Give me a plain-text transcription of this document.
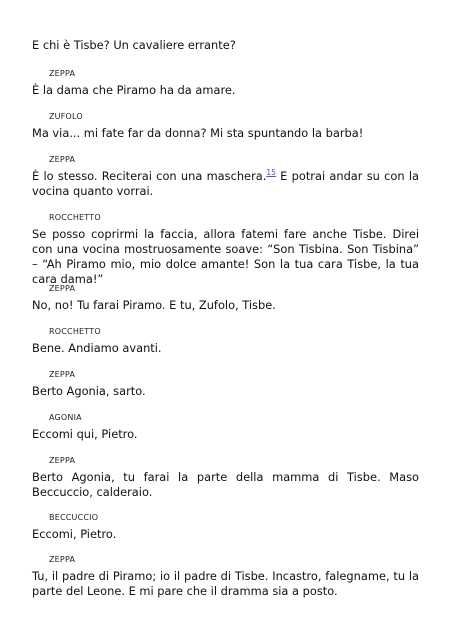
E chi è Tisbe? Un cavaliere errante?
ZEPPA
È la dama che Piramo ha da amare.
ZUFOLO
Ma via... mi fate far da donna? Mi sta spuntando la barba!
ZEPPA
È lo stesso. Reciterai con una maschera.$^{15}$ E potrai andar su con la vocina quanto vorrai.
ROCCHETTO
Se posso coprirmi la faccia, allora fatemi fare anche Tisbe. Direi con una vocina mostruosamente soave: “Son Tisbina. Son Tisbina” – “Ah Piramo mio, mio dolce amante! Son la tua cara Tisbe, la tua cara dama!”
ZEPPA
No, no! Tu farai Piramo. E tu, Zufolo, Tisbe.
ROCCHETTO
Bene. Andiamo avanti.
ZEPPA
Berto Agonia, sarto.
AGONIA
Eccomi qui, Pietro.
ZEPPA
Berto Agonia, tu farai la parte della mamma di Tisbe. Maso Beccuccio, calderaio.
BECCUCCIO
Eccomi, Pietro.
ZEPPA
Tu, il padre di Piramo; io il padre di Tisbe. Incastro, falegname, tu la parte del Leone. E mi pare che il dramma sia a posto.
